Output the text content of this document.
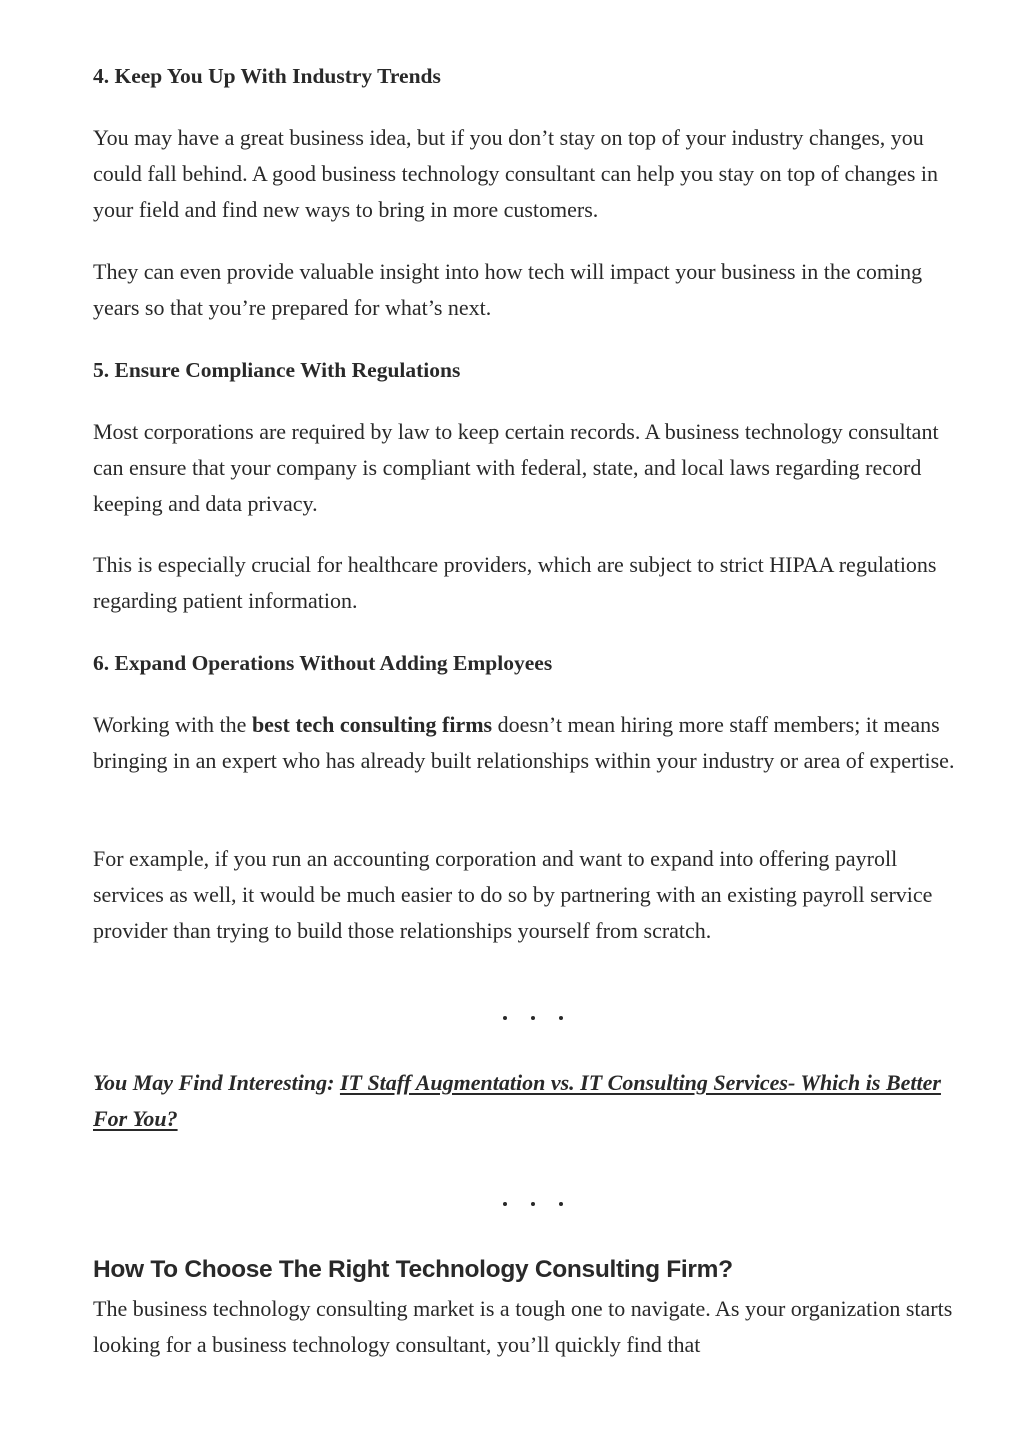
4. Keep You Up With Industry Trends

You may have a great business idea, but if you don’t stay on top of your industry changes, you could fall behind. A good business technology consultant can help you stay on top of changes in your field and find new ways to bring in more customers.

They can even provide valuable insight into how tech will impact your business in the coming years so that you’re prepared for what’s next.

5. Ensure Compliance With Regulations

Most corporations are required by law to keep certain records. A business technology consultant can ensure that your company is compliant with federal, state, and local laws regarding record keeping and data privacy.

This is especially crucial for healthcare providers, which are subject to strict HIPAA regulations regarding patient information.

6. Expand Operations Without Adding Employees

Working with the best tech consulting firms doesn’t mean hiring more staff members; it means bringing in an expert who has already built relationships within your industry or area of expertise.

For example, if you run an accounting corporation and want to expand into offering payroll services as well, it would be much easier to do so by partnering with an existing payroll service provider than trying to build those relationships yourself from scratch.

You May Find Interesting: IT Staff Augmentation vs. IT Consulting Services- Which is Better For You?

How To Choose The Right Technology Consulting Firm?

The business technology consulting market is a tough one to navigate. As your organization starts looking for a business technology consultant, you’ll quickly find that
